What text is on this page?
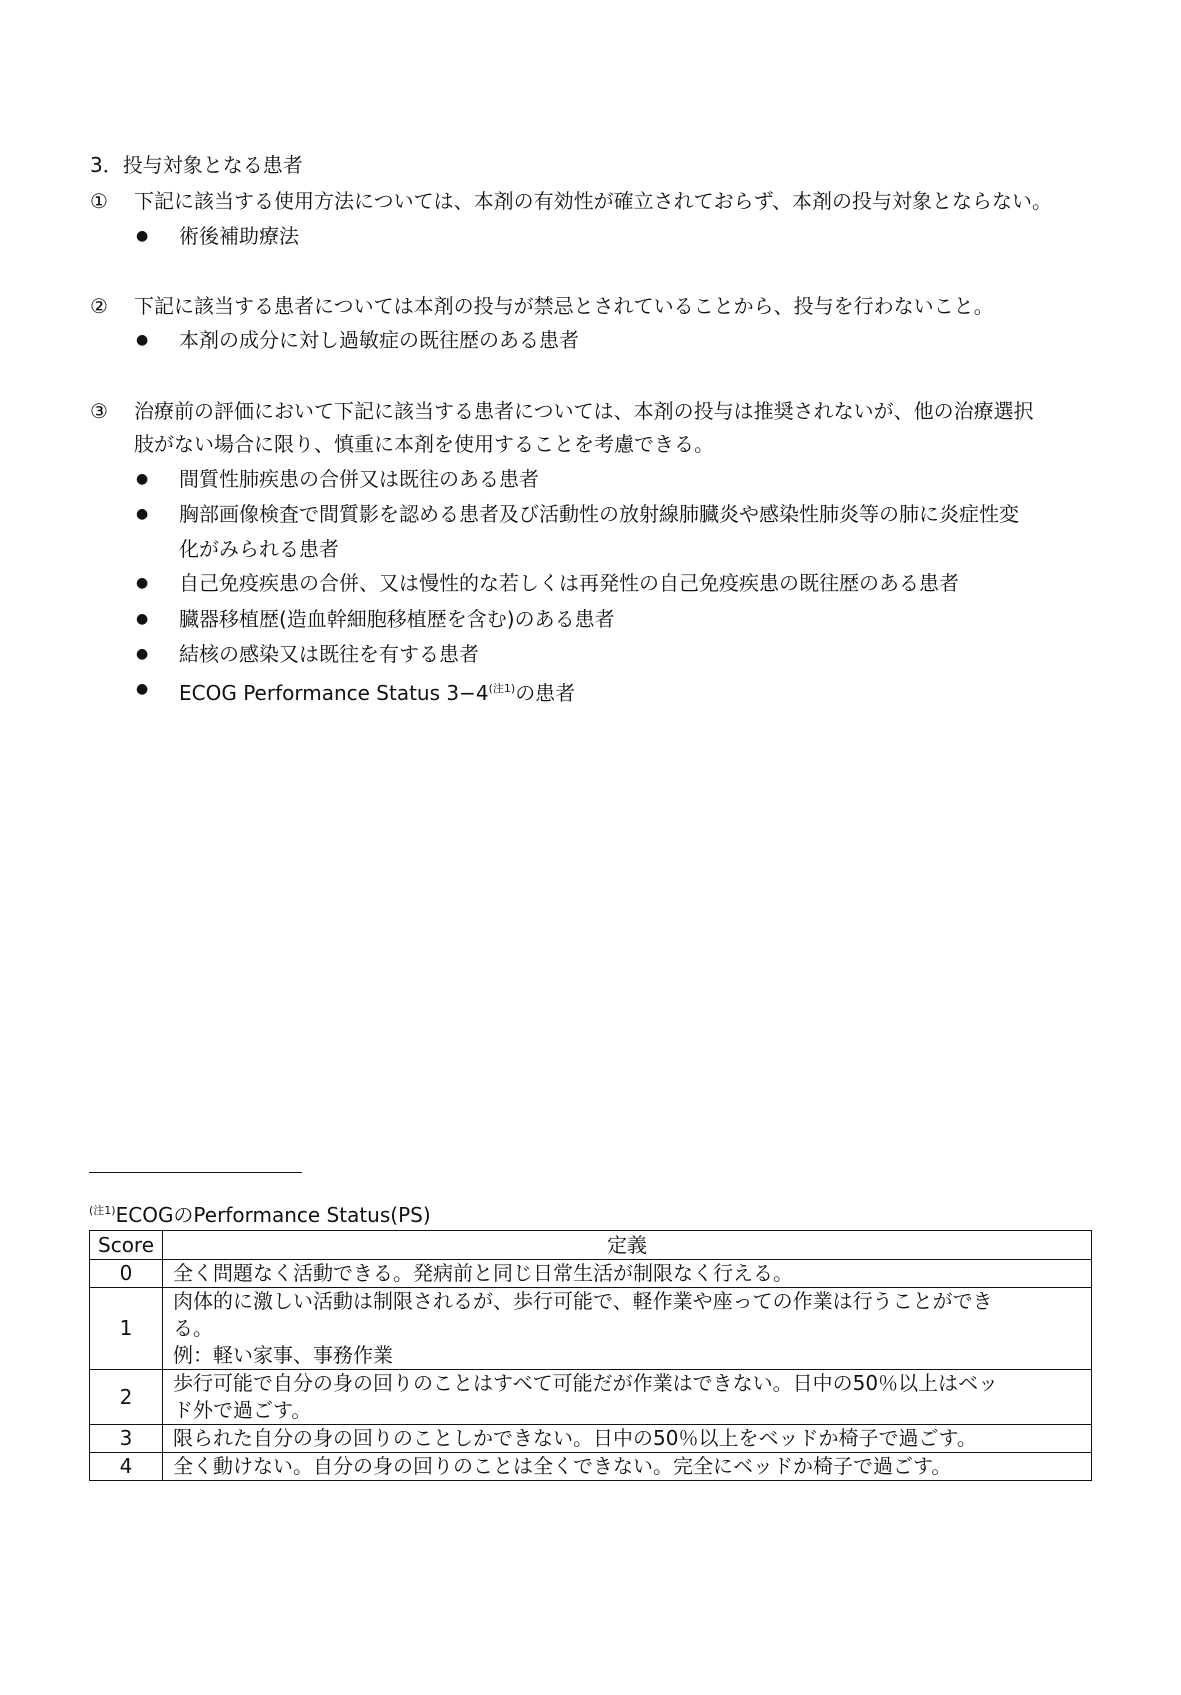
3．投与対象となる患者
① 下記に該当する使用方法については、本剤の有効性が確立されておらず、本剤の投与対象とならない。
● 術後補助療法
② 下記に該当する患者については本剤の投与が禁忌とされていることから、投与を行わないこと。
● 本剤の成分に対し過敏症の既往歴のある患者
③ 治療前の評価において下記に該当する患者については、本剤の投与は推奨されないが、他の治療選択
肢がない場合に限り、慎重に本剤を使用することを考慮できる。
● 間質性肺疾患の合併又は既往のある患者
● 胸部画像検査で間質影を認める患者及び活動性の放射線肺臓炎や感染性肺炎等の肺に炎症性変
化がみられる患者
● 自己免疫疾患の合併、又は慢性的な若しくは再発性の自己免疫疾患の既往歴のある患者
● 臓器移植歴(造血幹細胞移植歴を含む)のある患者
● 結核の感染又は既往を有する患者
● ECOG Performance Status $3-4^{(注1)}$の患者
$^{(注1)}$ECOGのPerformance Status(PS)
Score	定義
0	全く問題なく活動できる。発病前と同じ日常生活が制限なく行える。

1	肉体的に激しい活動は制限されるが、歩行可能で、軽作業や座っての作業は行うことができ
る。
例：軽い家事、事務作業

2	歩行可能で自分の身の回りのことはすべて可能だが作業はできない。日中の50％以上はベッ
ド外で過ごす。

3	限られた自分の身の回りのことしかできない。日中の50％以上をベッドか椅子で過ごす。

4	全く動けない。自分の身の回りのことは全くできない。完全にベッドか椅子で過ごす。
